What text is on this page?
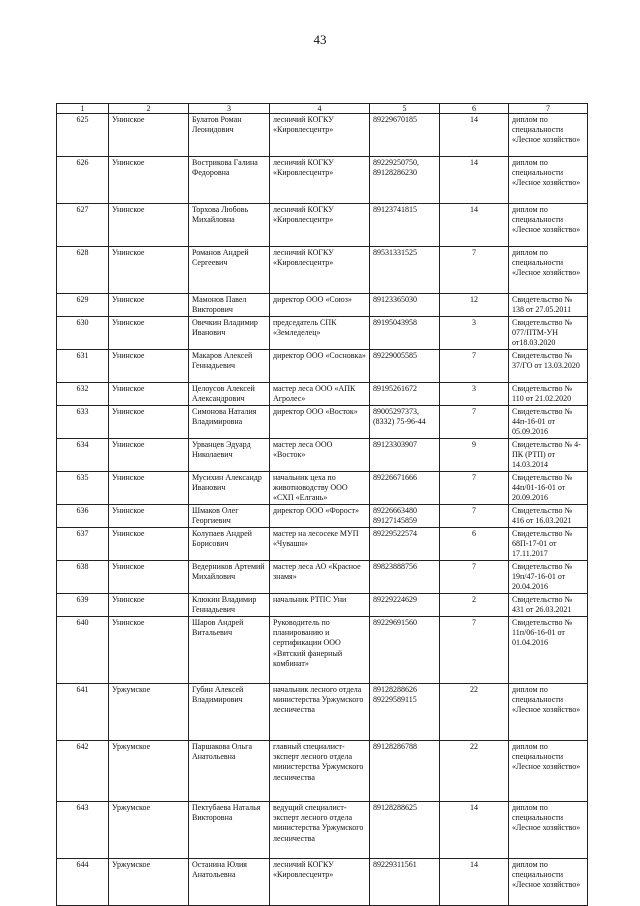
43
1	2	3	4	5	6	7
625	Унинское	Булатов Роман Леонидович	лесничий КОГКУ «Кировлесцентр»	89229670185	14	диплом по специальности «Лесное хозяйство»
626	Унинское	Вострикова Галина Федоровна	лесничий КОГКУ «Кировлесцентр»	89229250750, 89128286230	14	диплом по специальности «Лесное хозяйство»
627	Унинское	Торхова Любовь Михайловна	лесничий КОГКУ «Кировлесцентр»	89123741815	14	диплом по специальности «Лесное хозяйство»
628	Унинское	Романов Андрей Сергеевич	лесничий КОГКУ «Кировлесцентр»	89531331525	7	диплом по специальности «Лесное хозяйство»
629	Унинское	Мамонов Павел Викторович	директор ООО «Союз»	89123365030	12	Свидетельство № 138 от 27.05.2011
630	Унинское	Овечкин Владимир Иванович	председатель СПК «Земледелец»	89195043958	3	Свидетельство № 077/ПТМ-УН от18.03.2020
631	Унинское	Макаров Алексей Геннадьевич	директор ООО «Сосновка»	89229005585	7	Свидетельство № 37/ГО от 13.03.2020
632	Унинское	Целоусов Алексей Александрович	мастер леса ООО «АПК Агролес»	89195261672	3	Свидетельство № 110 от 21.02.2020
633	Унинское	Симонова Наталия Владимировна	директор ООО «Восток»	89005297373, (8332) 75-96-44	7	Свидетельство № 44п-16-01 от 05.09.2016
634	Унинское	Урванцев Эдуард Николаевич	мастер леса ООО «Восток»	89123303907	9	Свидетельство № 4-ПК (РТП) от 14.03.2014
635	Унинское	Мусихин Александр Иванович	начальник цеха по животноводству ООО «СХП «Елгань»	89226671666	7	Свидетельство № 44п/01-16-01 от 20.09.2016
636	Унинское	Шмаков Олег Георгиевич	директор ООО «Форост»	89226663480 89127145859	7	Свидетельство № 416 от 16.03.2021
637	Унинское	Колупаев Андрей Борисович	мастер на лесосеке МУП «Чувашн»	89229522574	6	Свидетельство № 68П-17-01 от 17.11.2017
638	Унинское	Ведерников Артемий Михайлович	мастер леса АО «Красное знамя»	89823888756	7	Свидетельство № 19п/47-16-01 от 20.04.2016
639	Унинское	Клюкин Владимир Геннадьевич	начальник РТПС Уни	89229224629	2	Свидетельство № 431 от 26.03.2021
640	Унинское	Шаров Андрей Витальевич	Руководитель по планированию и сертификации ООО «Вятский фанерный комбинат»	89229691560	7	Свидетельство № 11п/06-16-01 от 01.04.2016
641	Уржумское	Губин Алексей Владимирович	начальник лесного отдела министерства Уржумского лесничества	89128288626 89229589115	22	диплом по специальности «Лесное хозяйство»
642	Уржумское	Паршакова Ольга Анатольевна	главный специалист-эксперт лесного отдела министерства Уржумского лесничества	89128286788	22	диплом по специальности «Лесное хозяйство»
643	Уржумское	Пектубаева Наталья Викторовна	ведущий специалист-эксперт лесного отдела министерства Уржумского лесничества	89128288625	14	диплом по специальности «Лесное хозяйство»
644	Уржумское	Останина Юлия Анатольевна	лесничий КОГКУ «Кировлесцентр»	89229311561	14	диплом по специальности «Лесное хозяйство»
